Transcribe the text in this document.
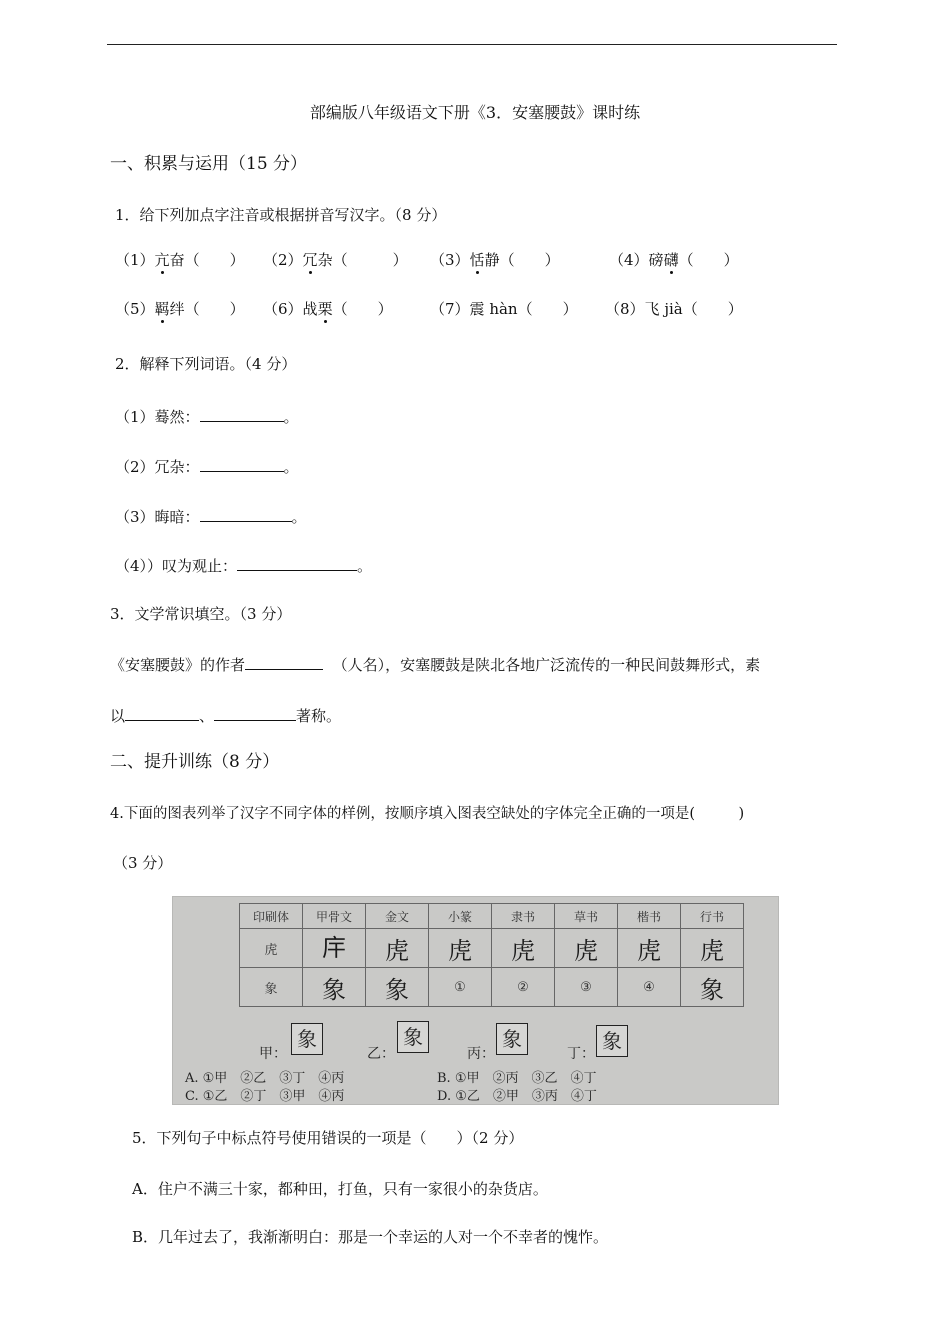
部编版八年级语文下册《3．安塞腰鼓》课时练
一、积累与运用（15 分）
1．给下列加点字注音或根据拼音写汉字。（8 分）
（1）亢奋（　　） （2）冗杂（　　　） （3）恬静（　　）	（4）磅礴（　　）
（5）羁绊（　　） （6）战栗（　　） （7）震 hàn（　　） （8）飞 jià（　　）
2．解释下列词语。（4 分）
（1）蓦然：	。
（2）冗杂：	。
（3）晦暗：	。
（4））叹为观止：	。
3．文学常识填空。（3 分）
《安塞腰鼓》的作者	（人名），安塞腰鼓是陕北各地广泛流传的一种民间鼓舞形式，素
以	、	著称。
二、提升训练（8 分）
4.下面的图表列举了汉字不同字体的样例，按顺序填入图表空缺处的字体完全正确的一项是(　　　)
（3 分）
印刷体	甲骨文	金文	小篆	隶书	草书	楷书	行书
虎	𢇛	虎	虎	虎	虎	虎	虎
象	象	象	①	②	③	④	象
甲：
象
乙：
象
丙：
象
丁：
象
A. ①甲　②乙　③丁　④丙	B. ①甲　②丙　③乙　④丁
C. ①乙　②丁　③甲　④丙	D. ①乙　②甲　③丙　④丁
5．下列句子中标点符号使用错误的一项是（　　）（2 分）
A．住户不满三十家，都种田，打鱼，只有一家很小的杂货店。
B．几年过去了，我渐渐明白：那是一个幸运的人对一个不幸者的愧怍。
